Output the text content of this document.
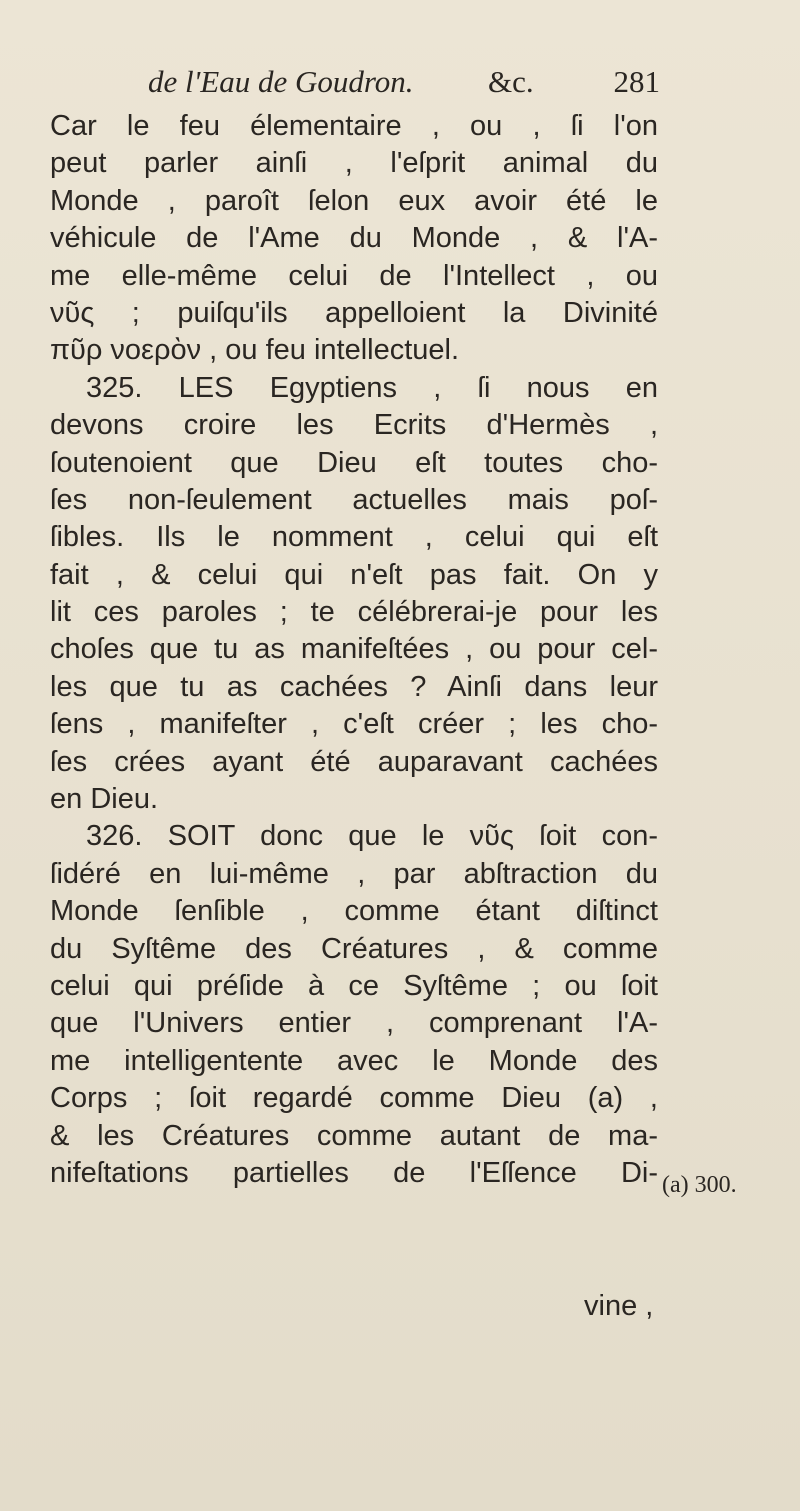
de l'Eau de Goudron. &c.	281
Car le feu élementaire , ou , ſi l'on
peut parler ainſi , l'eſprit animal du
Monde , paroît ſelon eux avoir été le
véhicule de l'Ame du Monde , & l'A-
me elle-même celui de l'Intellect , ou
νῦς ; puiſqu'ils appelloient la Divinité
πῦρ νοερὸν , ou feu intellectuel.
325. LES Egyptiens , ſi nous en
devons croire les Ecrits d'Hermès ,
ſoutenoient que Dieu eſt toutes cho-
ſes non-ſeulement actuelles mais poſ-
ſibles. Ils le nomment , celui qui eſt
fait , & celui qui n'eſt pas fait. On y
lit ces paroles ; te célébrerai-je pour les
choſes que tu as manifeſtées , ou pour cel-
les que tu as cachées ? Ainſi dans leur
ſens , manifeſter , c'eſt créer ; les cho-
ſes crées ayant été auparavant cachées
en Dieu.
326. SOIT donc que le νῦς ſoit con-
ſidéré en lui-même , par abſtraction du
Monde ſenſible , comme étant diſtinct
du Syſtême des Créatures , & comme
celui qui préſide à ce Syſtême ; ou ſoit
que l'Univers entier , comprenant l'A-
me intelligentente avec le Monde des
Corps ; ſoit regardé comme Dieu (a) ,
& les Créatures comme autant de ma-
nifeſtations partielles de l'Eſſence Di- (a) 300.
vine ,
